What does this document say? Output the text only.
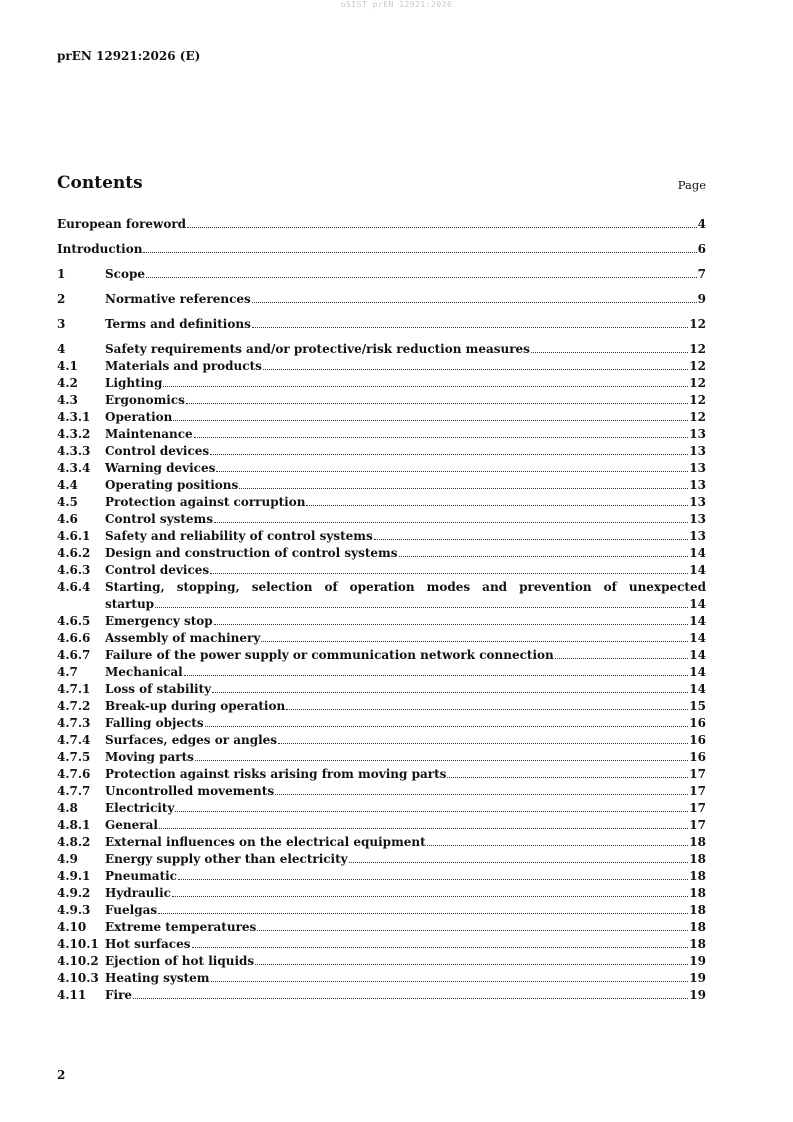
oSIST prEN 12921:2026
prEN 12921:2026 (E)
Contents	Page
European foreword	4
Introduction	6
1	Scope	7
2	Normative references	9
3	Terms and definitions	12
4	Safety requirements and/or protective/risk reduction measures	12
4.1	Materials and products	12
4.2	Lighting	12
4.3	Ergonomics	12
4.3.1	Operation	12
4.3.2	Maintenance	13
4.3.3	Control devices	13
4.3.4	Warning devices	13
4.4	Operating positions	13
4.5	Protection against corruption	13
4.6	Control systems	13
4.6.1	Safety and reliability of control systems	13
4.6.2	Design and construction of control systems	14
4.6.3	Control devices	14
4.6.4	Starting, stopping, selection of operation modes and prevention of unexpected
startup	14
4.6.5	Emergency stop	14
4.6.6	Assembly of machinery	14
4.6.7	Failure of the power supply or communication network connection	14
4.7	Mechanical	14
4.7.1	Loss of stability	14
4.7.2	Break-up during operation	15
4.7.3	Falling objects	16
4.7.4	Surfaces, edges or angles	16
4.7.5	Moving parts	16
4.7.6	Protection against risks arising from moving parts	17
4.7.7	Uncontrolled movements	17
4.8	Electricity	17
4.8.1	General	17
4.8.2	External influences on the electrical equipment	18
4.9	Energy supply other than electricity	18
4.9.1	Pneumatic	18
4.9.2	Hydraulic	18
4.9.3	Fuelgas	18
4.10	Extreme temperatures	18
4.10.1 Hot surfaces	18
4.10.2 Ejection of hot liquids	19
4.10.3 Heating system	19
4.11	Fire	19
2
